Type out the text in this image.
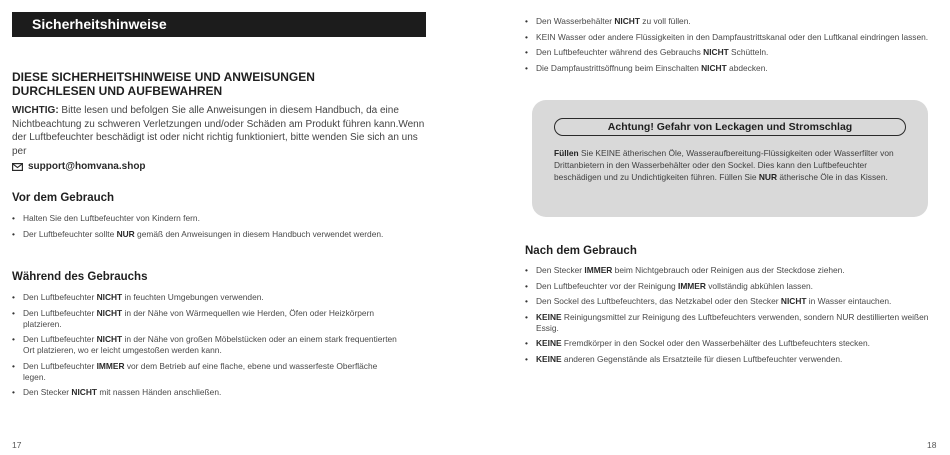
Sicherheitshinweise
DIESE SICHERHEITSHINWEISE UND ANWEISUNGEN
DURCHLESEN UND AUFBEWAHREN
WICHTIG: Bitte lesen und befolgen Sie alle Anweisungen in diesem Handbuch, da eine Nichtbeachtung zu schweren Verletzungen und/oder Schäden am Produkt führen kann.Wenn der Luftbefeuchter beschädigt ist oder nicht richtig funktioniert, bitte wenden Sie sich an uns per
support@homvana.shop
Vor dem Gebrauch
• Halten Sie den Luftbefeuchter von Kindern fern.
• Der Luftbefeuchter sollte NUR gemäß den Anweisungen in diesem Handbuch verwendet werden.
Während des Gebrauchs
• Den Luftbefeuchter NICHT in feuchten Umgebungen verwenden.
• Den Luftbefeuchter NICHT in der Nähe von Wärmequellen wie Herden, Öfen oder Heizkörpern platzieren.
• Den Luftbefeuchter NICHT in der Nähe von großen Möbelstücken oder an einem stark frequentierten Ort platzieren, wo er leicht umgestoßen werden kann.
• Den Luftbefeuchter IMMER vor dem Betrieb auf eine flache, ebene und wasserfeste Oberfläche legen.
• Den Stecker NICHT mit nassen Händen anschließen.
17
• Den Wasserbehälter NICHT zu voll füllen.
• KEIN Wasser oder andere Flüssigkeiten in den Dampfaustrittskanal oder den Luftkanal eindringen lassen.
• Den Luftbefeuchter während des Gebrauchs NICHT Schütteln.
• Die Dampfaustrittsöffnung beim Einschalten NICHT abdecken.
Nach dem Gebrauch
• Den Stecker IMMER beim Nichtgebrauch oder Reinigen aus der Steckdose ziehen.
• Den Luftbefeuchter vor der Reinigung IMMER vollständig abkühlen lassen.
• Den Sockel des Luftbefeuchters, das Netzkabel oder den Stecker NICHT in Wasser eintauchen.
• KEINE Reinigungsmittel zur Reinigung des Luftbefeuchters verwenden, sondern NUR destillierten weißen Essig.
• KEINE Fremdkörper in den Sockel oder den Wasserbehälter des Luftbefeuchters stecken.
• KEINE anderen Gegenstände als Ersatzteile für diesen Luftbefeuchter verwenden.
18
Achtung! Gefahr von Leckagen und Stromschlag
Füllen Sie KEINE ätherischen Öle, Wasseraufbereitung-Flüssigkeiten oder Wasserfilter von Drittanbietern in den Wasserbehälter oder den Sockel. Dies kann den Luftbefeuchter beschädigen und zu Undichtigkeiten führen. Füllen Sie NUR ätherische Öle in das Kissen.
